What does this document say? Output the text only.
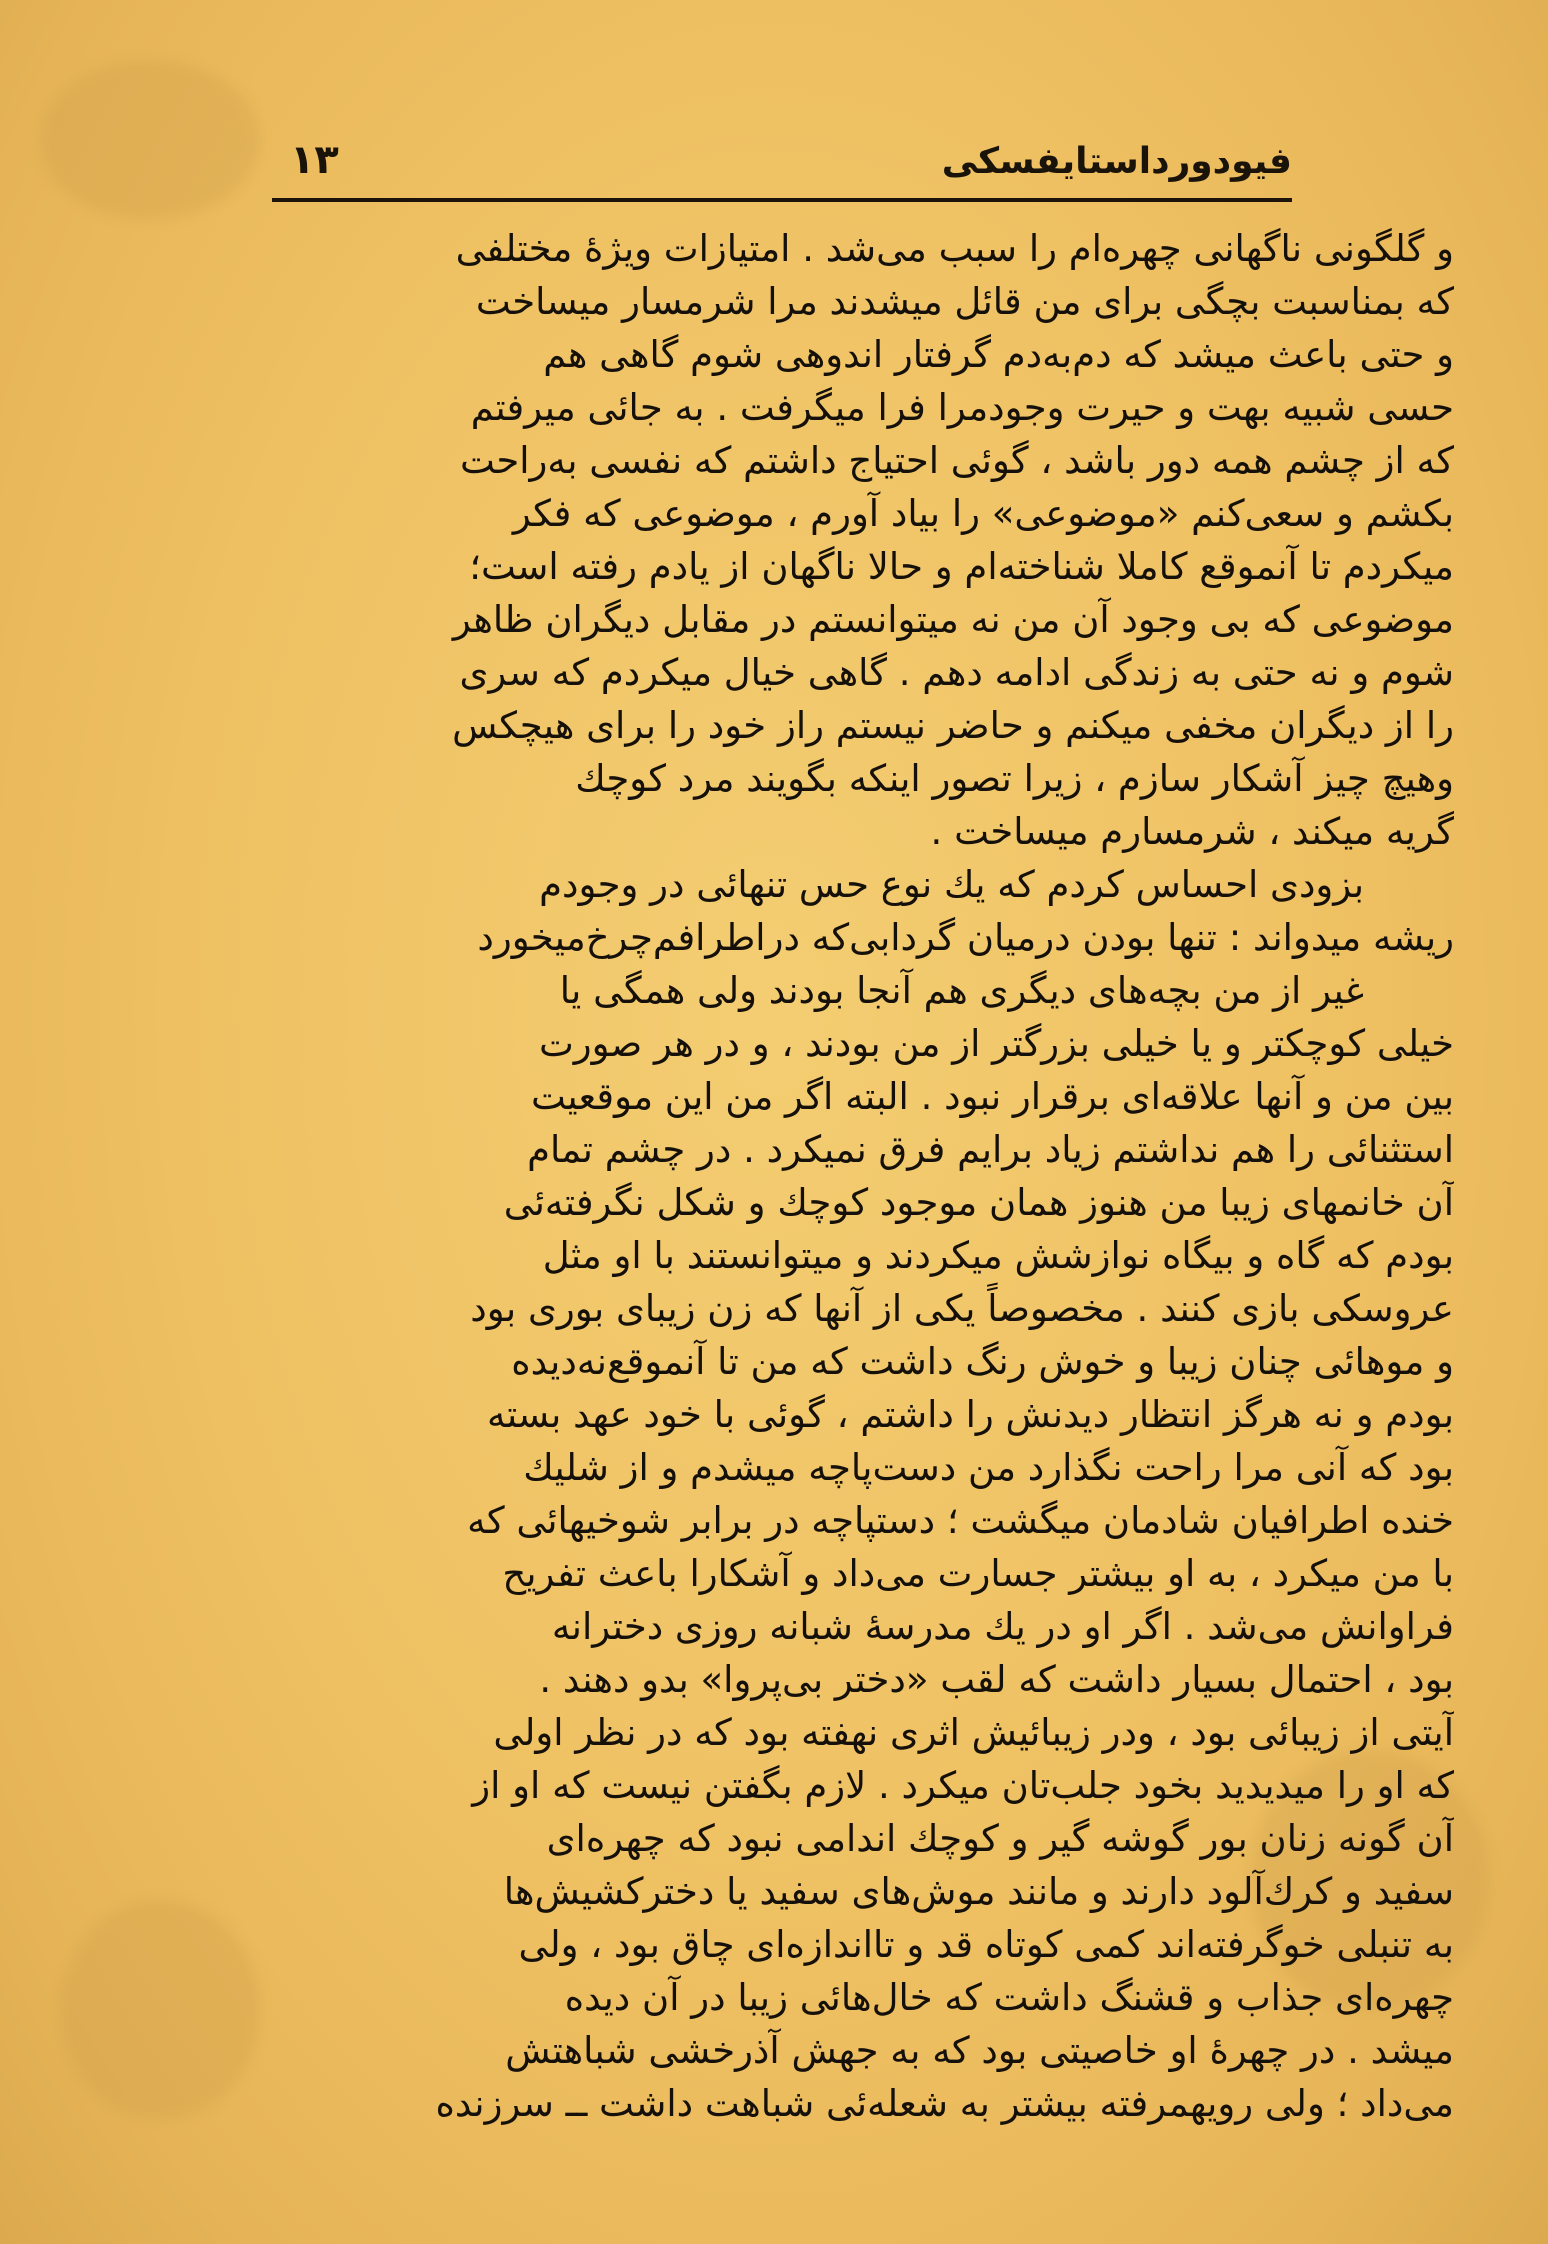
فیودورداستایفسکی
۱۳
و گلگونی ناگهانی چهره‌ام را سبب می‌شد . امتیازات ویژهٔ مختلفی
که بمناسبت بچگی برای من قائل میشدند مرا شرمسار میساخت
و حتی باعث میشد که دم‌به‌دم گرفتار اندوهی شوم گاهی هم
حسی شبیه بهت و حیرت وجودمرا فرا میگرفت . به جائی میرفتم
که از چشم همه دور باشد ، گوئی احتیاج داشتم که نفسی به‌راحت
بکشم و سعی‌کنم «موضوعی» را بیاد آورم ، موضوعی که فکر
میکردم تا آنموقع کاملا شناخته‌ام و حالا ناگهان از یادم رفته است؛
موضوعی که بی وجود آن من نه میتوانستم در مقابل دیگران ظاهر
شوم و نه حتی به زندگی ادامه دهم . گاهی خیال میکردم که سری
را از دیگران مخفی میکنم و حاضر نیستم راز خود را برای هیچکس
وهیچ چیز آشکار سازم ، زیرا تصور اینکه بگویند مرد کوچك
گریه میکند ، شرمسارم میساخت .
بزودی احساس کردم که یك نوع حس تنهائی در وجودم
ریشه میدواند : تنها بودن درمیان گردابی‌که دراطرافم‌چرخ‌میخورد
غیر از من بچه‌های دیگری هم آنجا بودند ولی همگی یا
خیلی کوچکتر و یا خیلی بزرگتر از من بودند ، و در هر صورت
بین من و آنها علاقه‌ای برقرار نبود . البته اگر من این موقعیت
استثنائی را هم نداشتم زیاد برایم فرق نمیکرد . در چشم تمام
آن خانمهای زیبا من هنوز همان موجود کوچك و شکل نگرفته‌ئی
بودم که گاه و بیگاه نوازشش میکردند و میتوانستند با او مثل
عروسکی بازی کنند . مخصوصاً یکی از آنها که زن زیبای بوری بود
و موهائی چنان زیبا و خوش رنگ داشت که من تا آنموقع‌نه‌دیده
بودم و نه هرگز انتظار دیدنش را داشتم ، گوئی با خود عهد بسته
بود که آنی مرا راحت نگذارد من دست‌پاچه میشدم و از شلیك
خنده اطرافیان شادمان میگشت ؛ دستپاچه در برابر شوخیهائی که
با من میکرد ، به او بیشتر جسارت می‌داد و آشکارا باعث تفریح
فراوانش می‌شد . اگر او در یك مدرسهٔ شبانه روزی دخترانه
بود ، احتمال بسیار داشت که لقب «دختر بی‌پروا» بدو دهند .
آیتی از زیبائی بود ، ودر زیبائیش اثری نهفته بود که در نظر اولی
که او را میدیدید بخود جلب‌تان میکرد . لازم بگفتن نیست که او از
آن گونه زنان بور گوشه گیر و کوچك اندامی نبود که چهره‌ای
سفید و کرك‌آلود دارند و مانند موش‌های سفید یا دخترکشیش‌ها
به تنبلی خوگرفته‌اند کمی کوتاه قد و تااندازه‌ای چاق بود ، ولی
چهره‌ای جذاب و قشنگ داشت که خال‌هائی زیبا در آن دیده
میشد . در چهرهٔ او خاصیتی بود که به جهش آذرخشی شباهتش
می‌داد ؛ ولی رویهمرفته بیشتر به شعله‌ئی شباهت داشت ــ سرزنده
